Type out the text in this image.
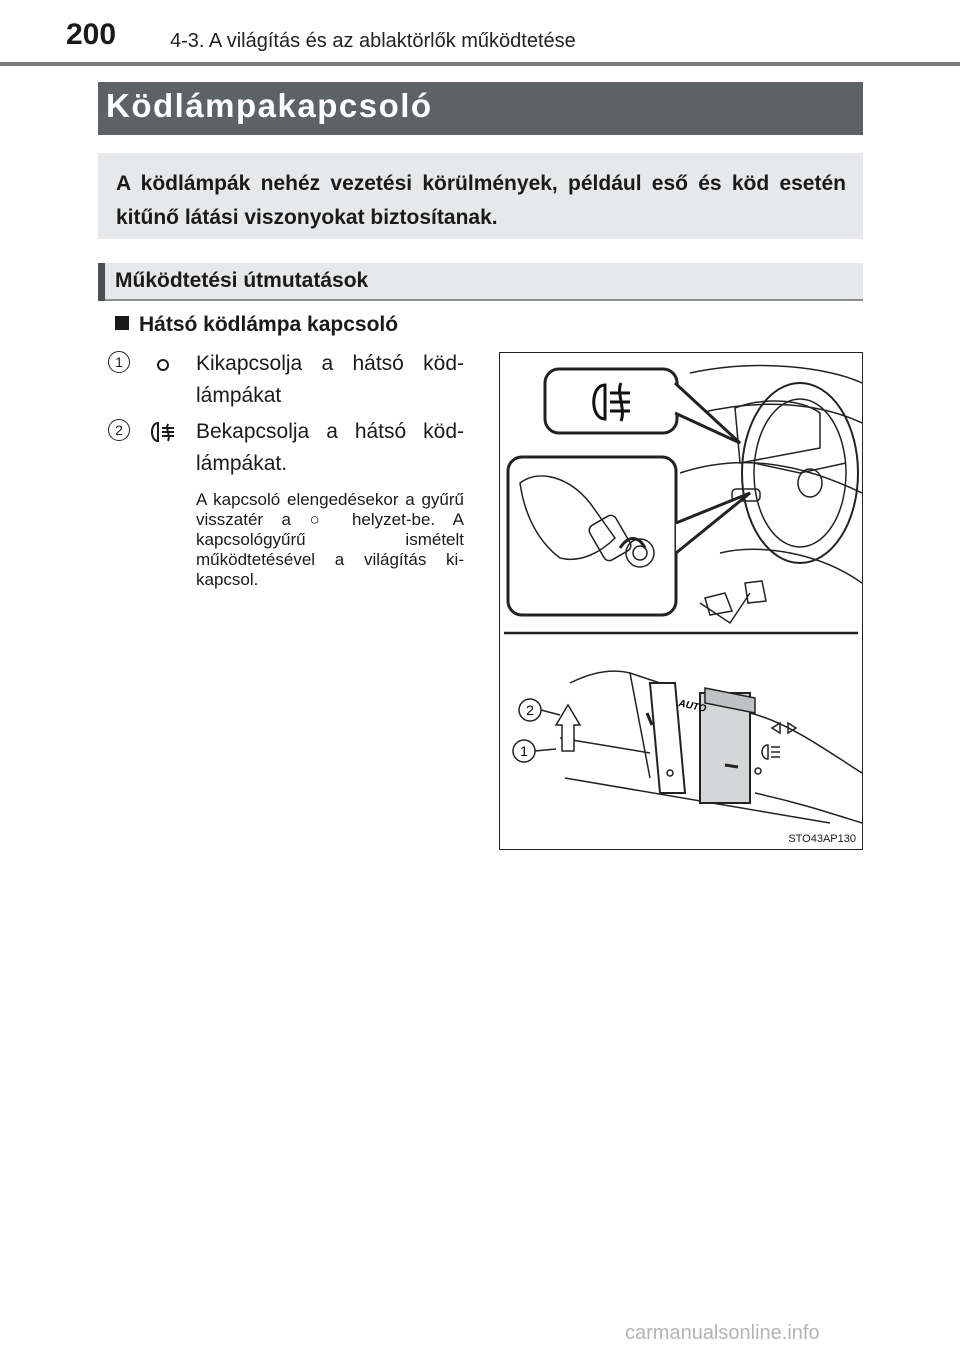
200	4-3. A világítás és az ablaktörlők működtetése
Ködlámpakapcsoló

A ködlámpák nehéz vezetési körülmények, például eső és köd esetén kitűnő látási viszonyokat biztosítanak.

Működtetési útmutatások
Hátsó ködlámpa kapcsoló
1	Kikapcsolja a hátsó köd-lámpákat
2	Bekapcsolja a hátsó köd-lámpákat.
A kapcsoló elengedésekor a gyűrű visszatér a ○ helyzet-be. A kapcsológyűrű ismételt működtetésével a világítás ki-kapcsol.
2
1
AUTO
STO43AP130
carmanualsonline.info
